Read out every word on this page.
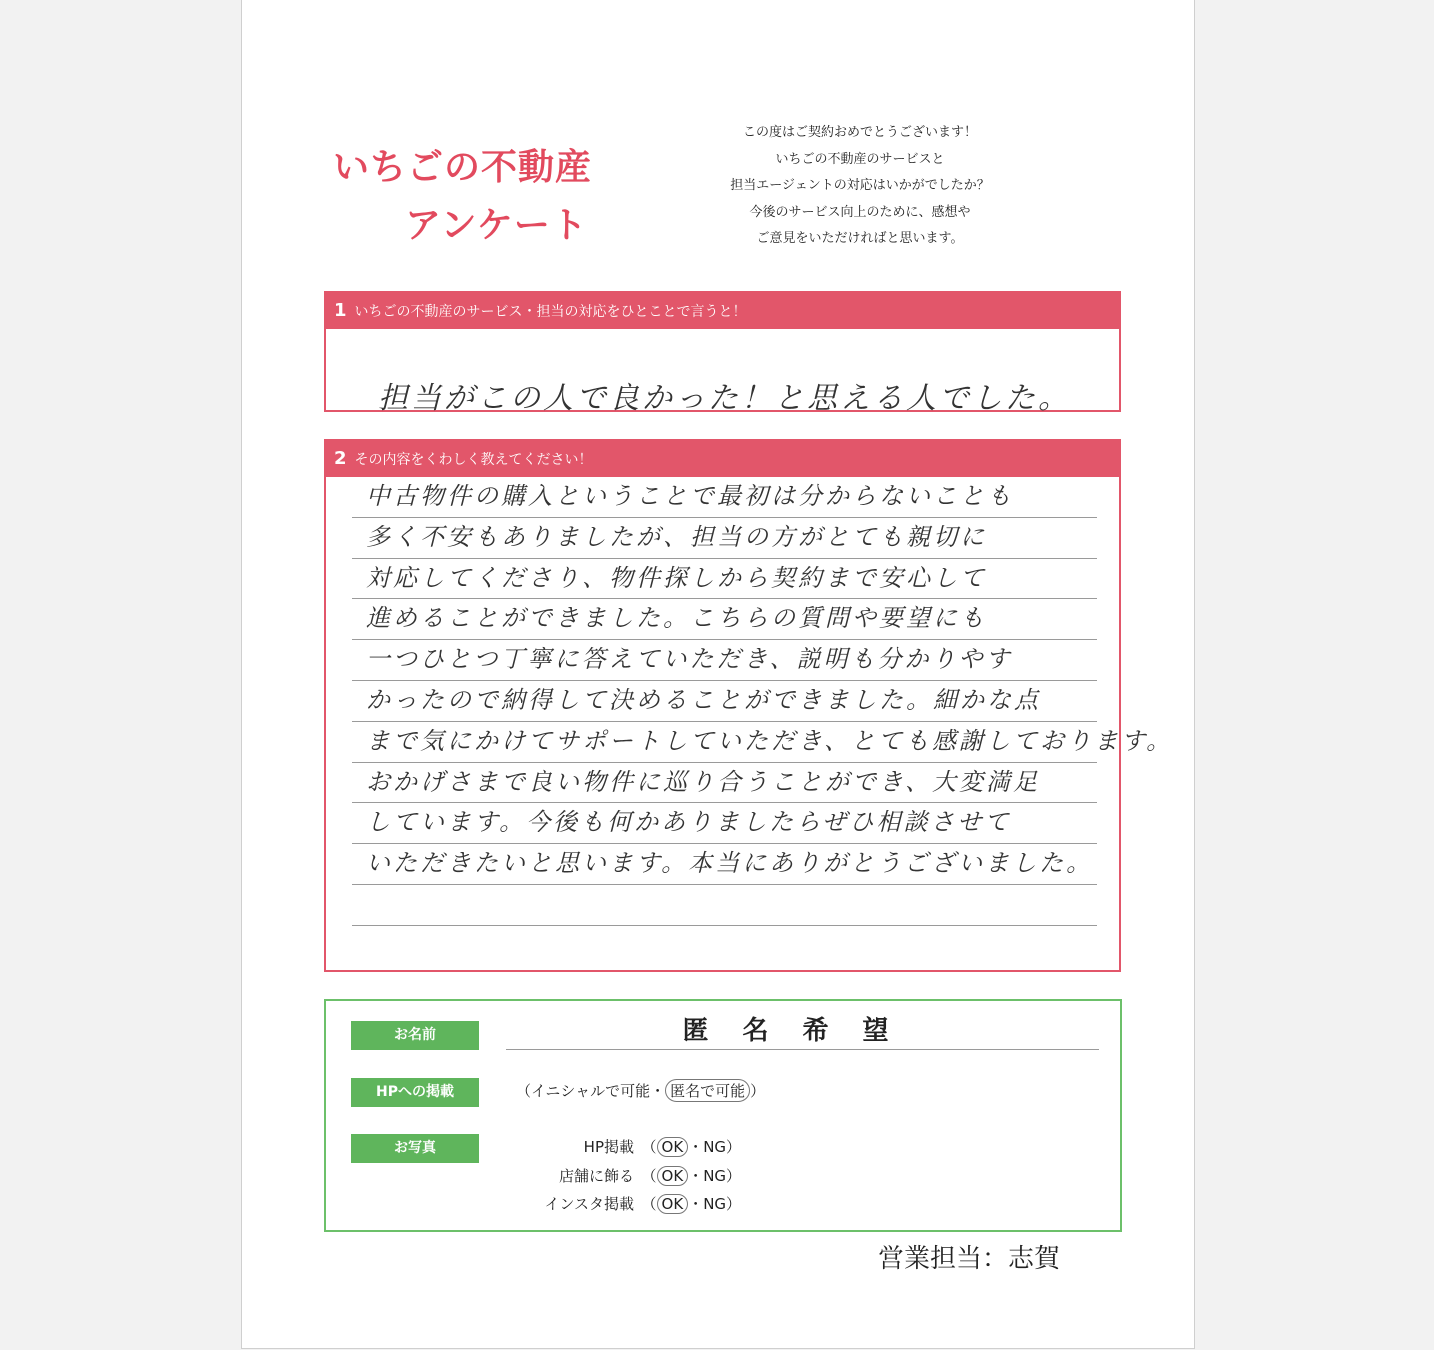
いちごの不動産
アンケート
この度はご契約おめでとうございます！
いちごの不動産のサービスと
担当エージェントの対応はいかがでしたか？
今後のサービス向上のために、感想や
ご意見をいただければと思います。
1 いちごの不動産のサービス・担当の対応をひとことで言うと！
担当がこの人で良かった！と思える人でした。
2 その内容をくわしく教えてください！
中古物件の購入ということで最初は分からないことも
多く不安もありましたが、担当の方がとても親切に
対応してくださり、物件探しから契約まで安心して
進めることができました。こちらの質問や要望にも
一つひとつ丁寧に答えていただき、説明も分かりやす
かったので納得して決めることができました。細かな点
まで気にかけてサポートしていただき、とても感謝しております。
おかげさまで良い物件に巡り合うことができ、大変満足
しています。今後も何かありましたらぜひ相談させて
いただきたいと思います。本当にありがとうございました。
お名前	匿名希望
HPへの掲載	（イニシャルで可能・ 匿名で可能 ）
お写真	HP掲載　（ OK ・NG）
店舗に飾る　（ OK ・NG）
インスタ掲載　（ OK ・NG）
営業担当：志賀
